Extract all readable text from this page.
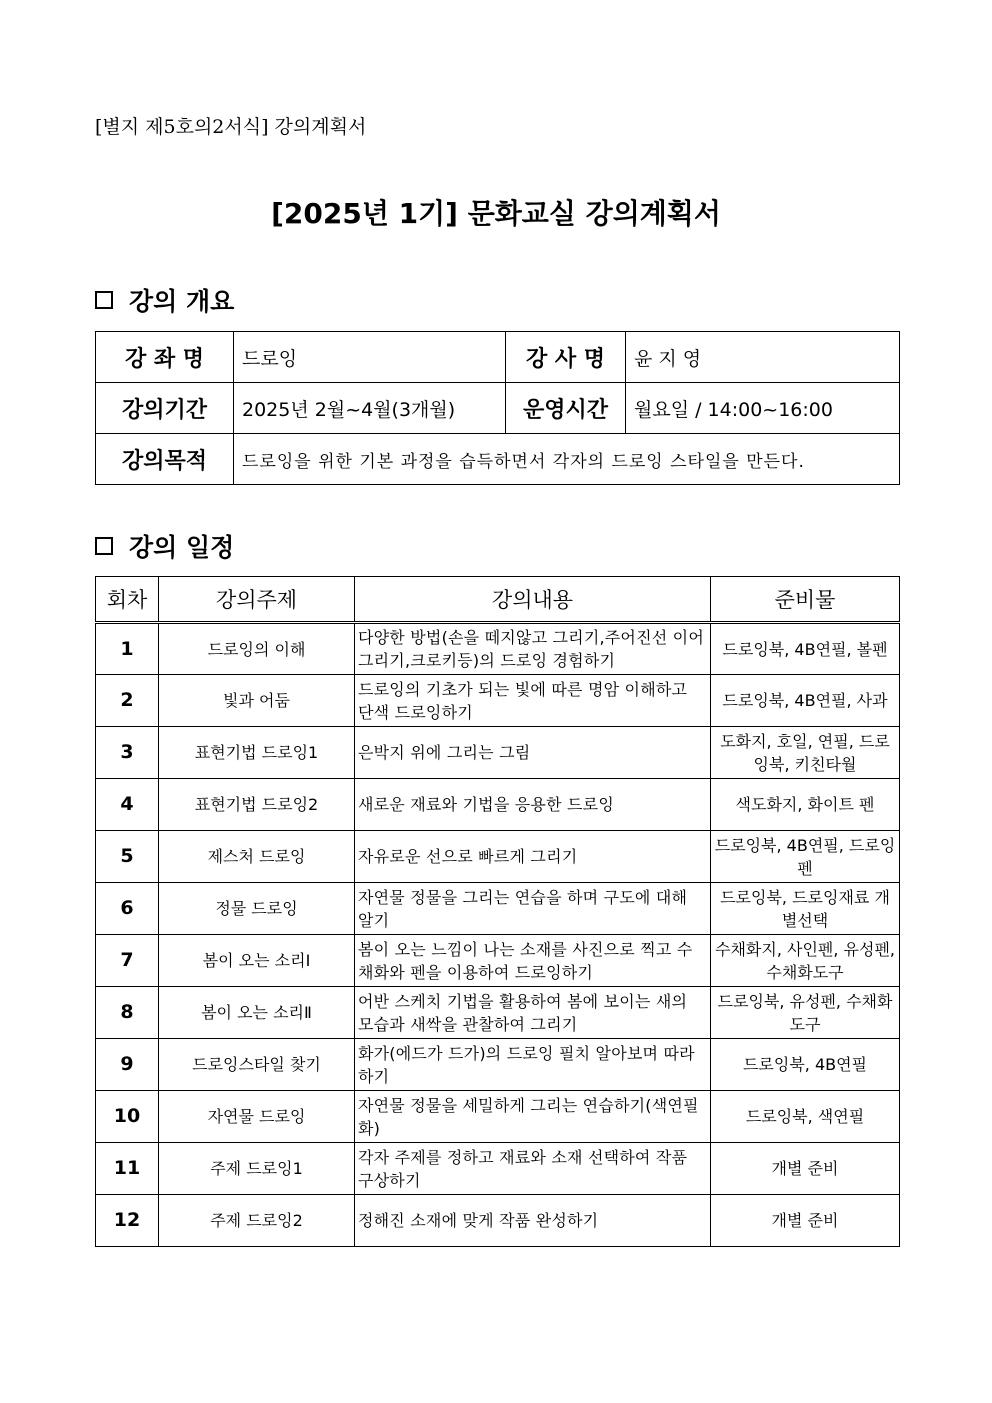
[별지 제5호의2서식] 강의계획서
[2025년 1기] 문화교실 강의계획서
강의 개요
강 좌 명	드로잉	강 사 명	윤 지 영
강의기간	2025년 2월~4월(3개월)	운영시간	월요일 / 14:00~16:00
강의목적	드로잉을 위한 기본 과정을 습득하면서 각자의 드로잉 스타일을 만든다.		
강의 일정
회차	강의주제	강의내용	준비물
1	드로잉의 이해	다양한 방법(손을 떼지않고 그리기,주어진선 이어그리기,크로키등)의 드로잉 경험하기	드로잉북, 4B연필, 볼펜
2	빛과 어둠	드로잉의 기초가 되는 빛에 따른 명암 이해하고 단색 드로잉하기	드로잉북, 4B연필, 사과
3	표현기법 드로잉1	은박지 위에 그리는 그림	도화지, 호일, 연필, 드로잉북, 키친타월
4	표현기법 드로잉2	새로운 재료와 기법을 응용한 드로잉	색도화지, 화이트 펜
5	제스처 드로잉	자유로운 선으로 빠르게 그리기	드로잉북, 4B연필, 드로잉펜
6	정물 드로잉	자연물 정물을 그리는 연습을 하며 구도에 대해 알기	드로잉북, 드로잉재료 개별선택
7	봄이 오는 소리Ⅰ	봄이 오는 느낌이 나는 소재를 사진으로 찍고 수채화와 펜을 이용하여 드로잉하기	수채화지, 사인펜, 유성펜, 수채화도구
8	봄이 오는 소리Ⅱ	어반 스케치 기법을 활용하여 봄에 보이는 새의 모습과 새싹을 관찰하여 그리기	드로잉북, 유성펜, 수채화도구
9	드로잉스타일 찾기	화가(에드가 드가)의 드로잉 필치 알아보며 따라하기	드로잉북, 4B연필
10	자연물 드로잉	자연물 정물을 세밀하게 그리는 연습하기(색연필화)	드로잉북, 색연필
11	주제 드로잉1	각자 주제를 정하고 재료와 소재 선택하여 작품 구상하기	개별 준비
12	주제 드로잉2	정해진 소재에 맞게 작품 완성하기	개별 준비
